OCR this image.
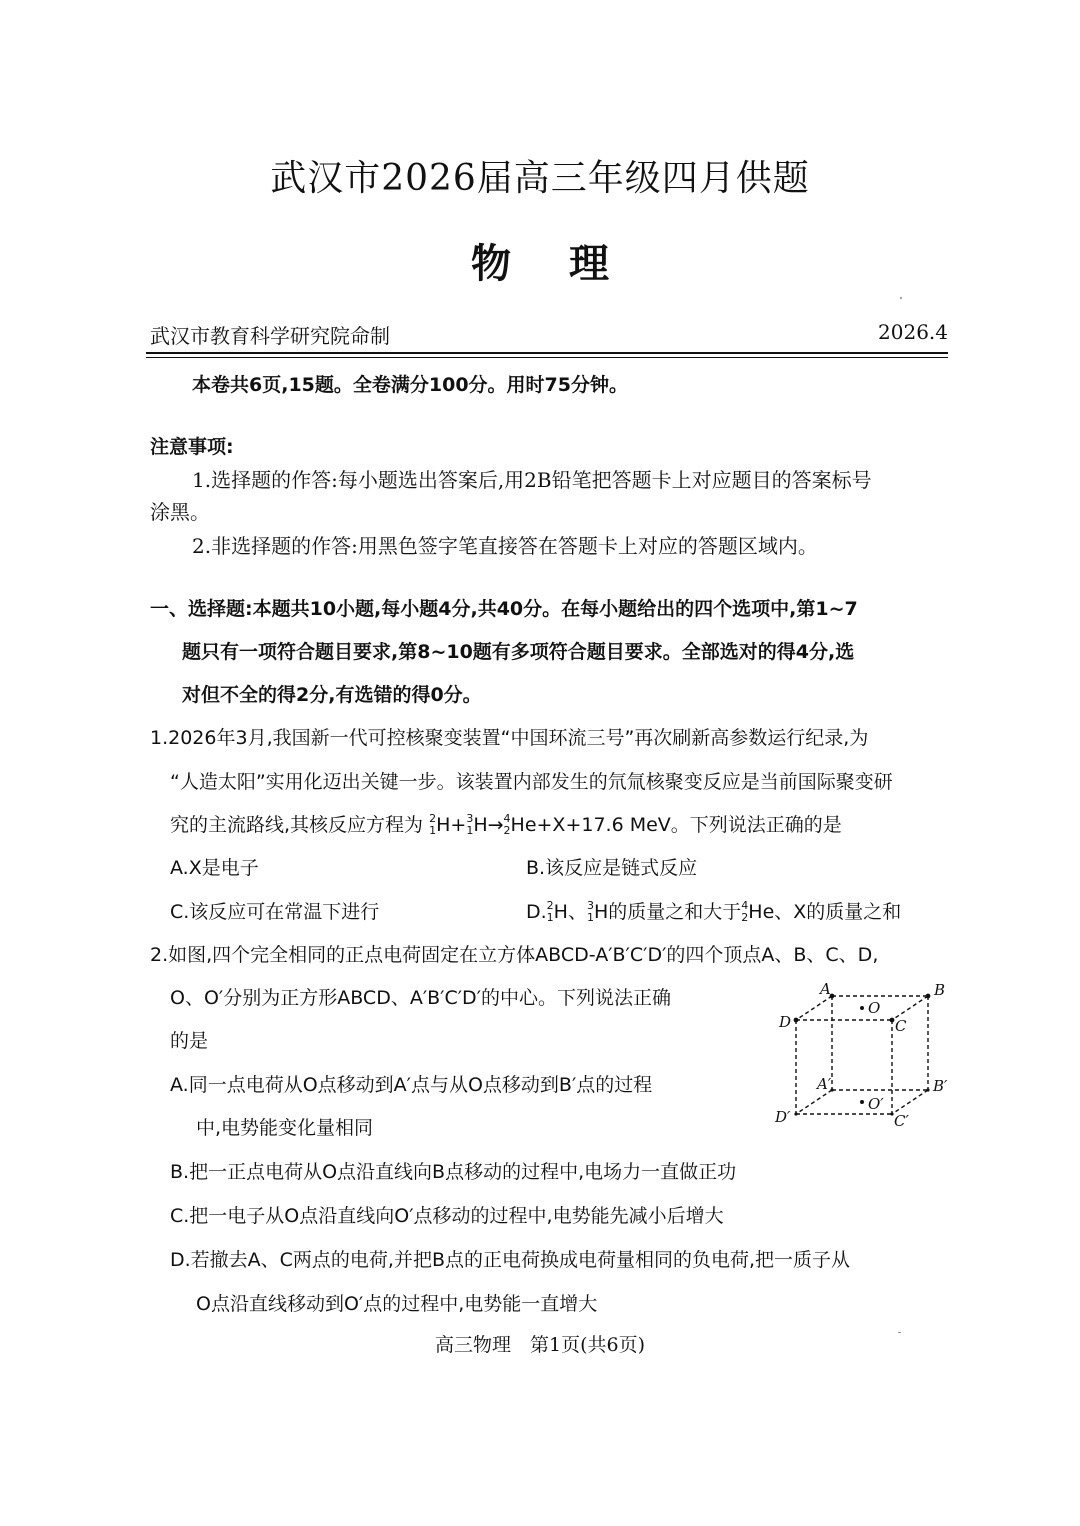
武汉市2026届高三年级四月供题
物理
武汉市教育科学研究院命制	2026.4
本卷共6页,15题。全卷满分100分。用时75分钟。
注意事项:
1.选择题的作答:每小题选出答案后,用2B铅笔把答题卡上对应题目的答案标号
涂黑。
2.非选择题的作答:用黑色签字笔直接答在答题卡上对应的答题区域内。
一、选择题:本题共10小题,每小题4分,共40分。在每小题给出的四个选项中,第1~7
题只有一项符合题目要求,第8~10题有多项符合题目要求。全部选对的得4分,选
对但不全的得2分,有选错的得0分。
1.2026年3月,我国新一代可控核聚变装置“中国环流三号”再次刷新高参数运行纪录,为
“人造太阳”实用化迈出关键一步。该装置内部发生的氘氚核聚变反应是当前国际聚变研
究的主流路线,其核反应方程为 $^2_1$H+$^3_1$H→$^4_2$He+X+17.6 MeV。下列说法正确的是
A.X是电子	B.该反应是链式反应
C.该反应可在常温下进行	D.$^2_1$H、$^3_1$H的质量之和大于$^4_2$He、X的质量之和
2.如图,四个完全相同的正点电荷固定在立方体ABCD-A′B′C′D′的四个顶点A、B、C、D,
O、O′分别为正方形ABCD、A′B′C′D′的中心。下列说法正确
的是
A.同一点电荷从O点移动到A′点与从O点移动到B′点的过程
中,电势能变化量相同
B.把一正点电荷从O点沿直线向B点移动的过程中,电场力一直做正功
C.把一电子从O点沿直线向O′点移动的过程中,电势能先减小后增大
D.若撤去A、C两点的电荷,并把B点的正电荷换成电荷量相同的负电荷,把一质子从
O点沿直线移动到O′点的过程中,电势能一直增大
A	B
C
D
O
A′	B′
C′
D′
O′
高三物理　第1页(共6页)
